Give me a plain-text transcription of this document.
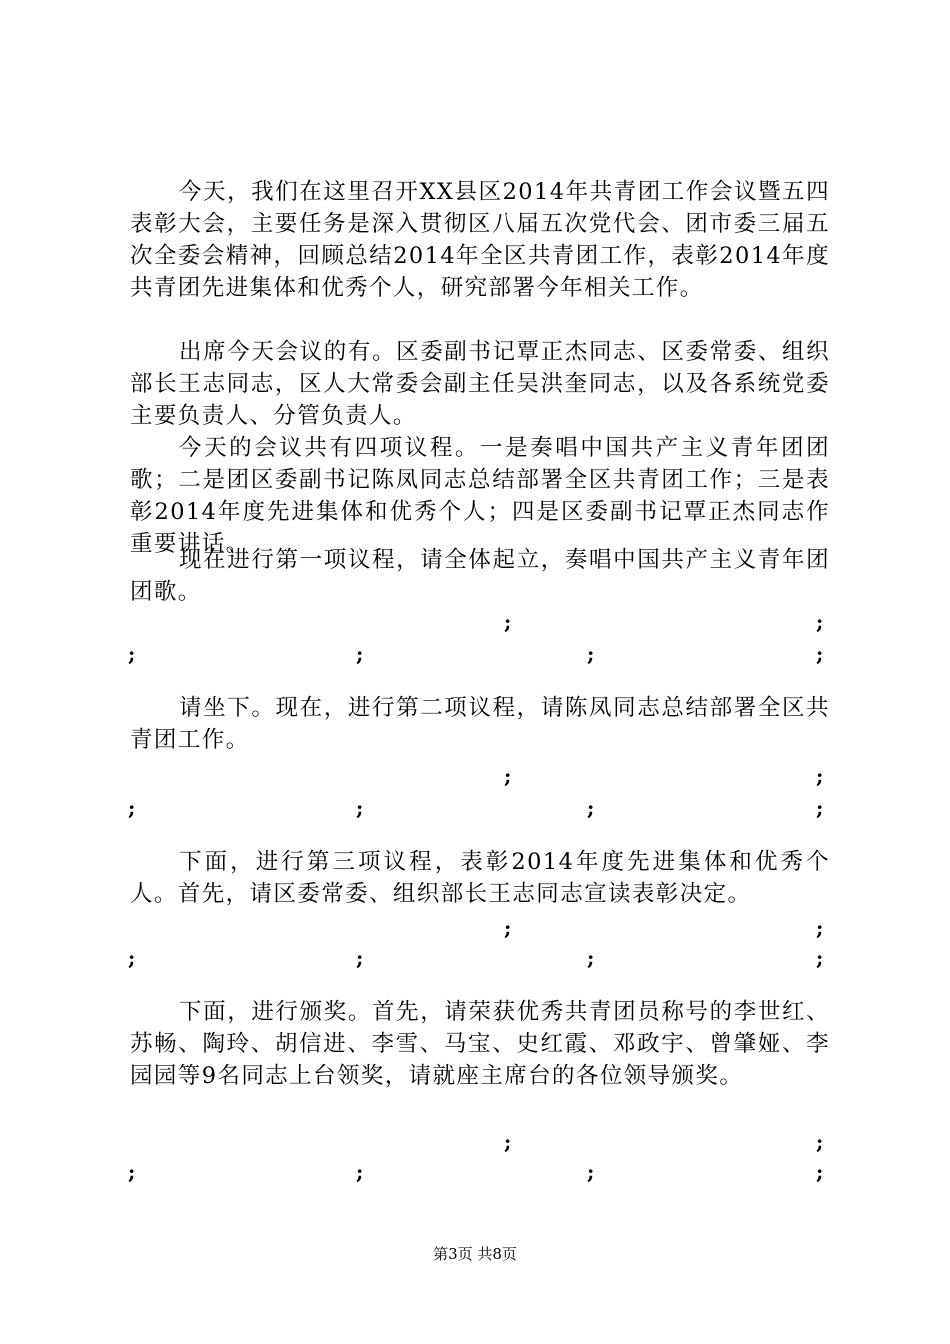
今天，我们在这里召开XX县区2014年共青团工作会议暨五四表彰大会，主要任务是深入贯彻区八届五次党代会、团市委三届五次全委会精神，回顾总结2014年全区共青团工作，表彰2014年度共青团先进集体和优秀个人，研究部署今年相关工作。

出席今天会议的有。区委副书记覃正杰同志、区委常委、组织部长王志同志，区人大常委会副主任吴洪奎同志，以及各系统党委主要负责人、分管负责人。

今天的会议共有四项议程。一是奏唱中国共产主义青年团团歌；二是团区委副书记陈凤同志总结部署全区共青团工作；三是表彰2014年度先进集体和优秀个人；四是区委副书记覃正杰同志作重要讲话。

现在进行第一项议程，请全体起立，奏唱中国共产主义青年团团歌。

;	;
;	;	;	;

请坐下。现在，进行第二项议程，请陈凤同志总结部署全区共青团工作。

;	;
;	;	;	;

下面，进行第三项议程，表彰2014年度先进集体和优秀个人。首先，请区委常委、组织部长王志同志宣读表彰决定。

;	;
;	;	;	;

下面，进行颁奖。首先，请荣获优秀共青团员称号的李世红、苏畅、陶玲、胡信进、李雪、马宝、史红霞、邓政宇、曾肇娅、李园园等9名同志上台领奖，请就座主席台的各位领导颁奖。

;	;
;	;	;	;
第3页 共8页
